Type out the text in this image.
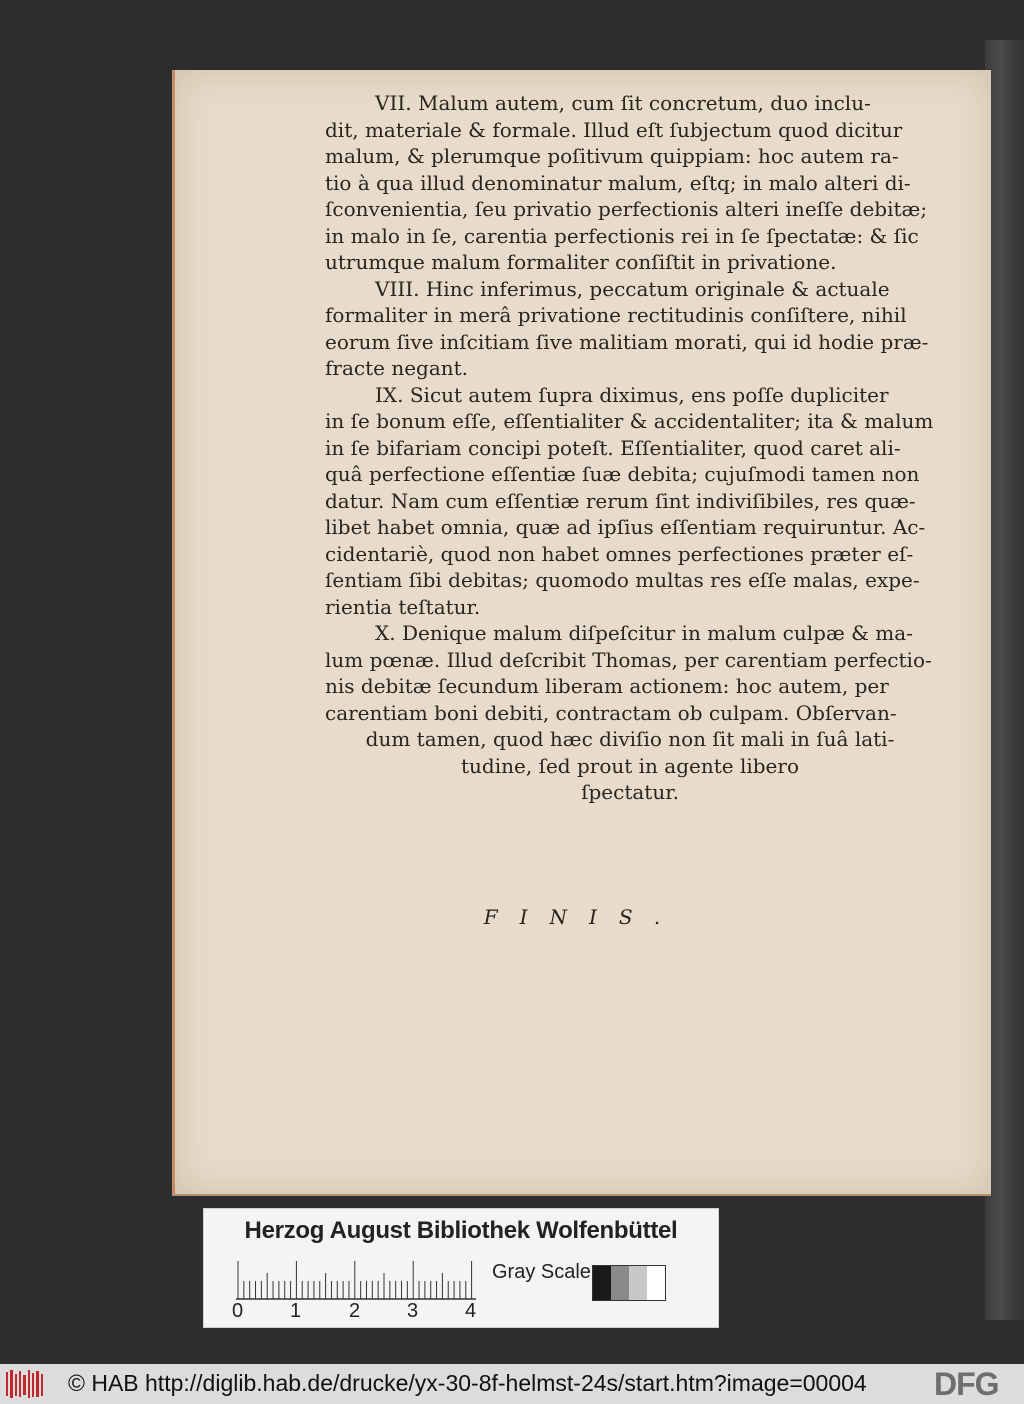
VII. Malum autem, cum ſit concretum, duo inclu-
dit, materiale & formale. Illud eſt ſubjectum quod dicitur
malum, & plerumque poſitivum quippiam: hoc autem ra-
tio à qua illud denominatur malum, eſtq; in malo alteri di-
ſconvenientia, ſeu privatio perfectionis alteri ineſſe debitæ;
in malo in ſe, carentia perfectionis rei in ſe ſpectatæ: & ſic
utrumque malum formaliter conſiſtit in privatione.
VIII. Hinc inferimus, peccatum originale & actuale
formaliter in merâ privatione rectitudinis conſiſtere, nihil
eorum ſive inſcitiam ſive malitiam morati, qui id hodie præ-
fracte negant.
IX. Sicut autem ſupra diximus, ens poſſe dupliciter
in ſe bonum eſſe, eſſentialiter & accidentaliter; ita & malum
in ſe bifariam concipi poteſt. Eſſentialiter, quod caret ali-
quâ perfectione eſſentiæ ſuæ debita; cujuſmodi tamen non
datur. Nam cum eſſentiæ rerum ſint indiviſibiles, res quæ-
libet habet omnia, quæ ad ipſius eſſentiam requiruntur. Ac-
cidentariè, quod non habet omnes perfectiones præter eſ-
ſentiam ſibi debitas; quomodo multas res eſſe malas, expe-
rientia teſtatur.
X. Denique malum diſpeſcitur in malum culpæ & ma-
lum pœnæ. Illud deſcribit Thomas, per carentiam perfectio-
nis debitæ ſecundum liberam actionem: hoc autem, per
carentiam boni debiti, contractam ob culpam. Obſervan-
dum tamen, quod hæc diviſio non ſit mali in ſuâ lati-
tudine, ſed prout in agente libero
ſpectatur.
FINIS.
Herzog August Bibliothek Wolfenbüttel
0 1 2 3 4
Gray Scale
© HAB http://diglib.hab.de/drucke/yx-30-8f-helmst-24s/start.htm?image=00004 DFG
